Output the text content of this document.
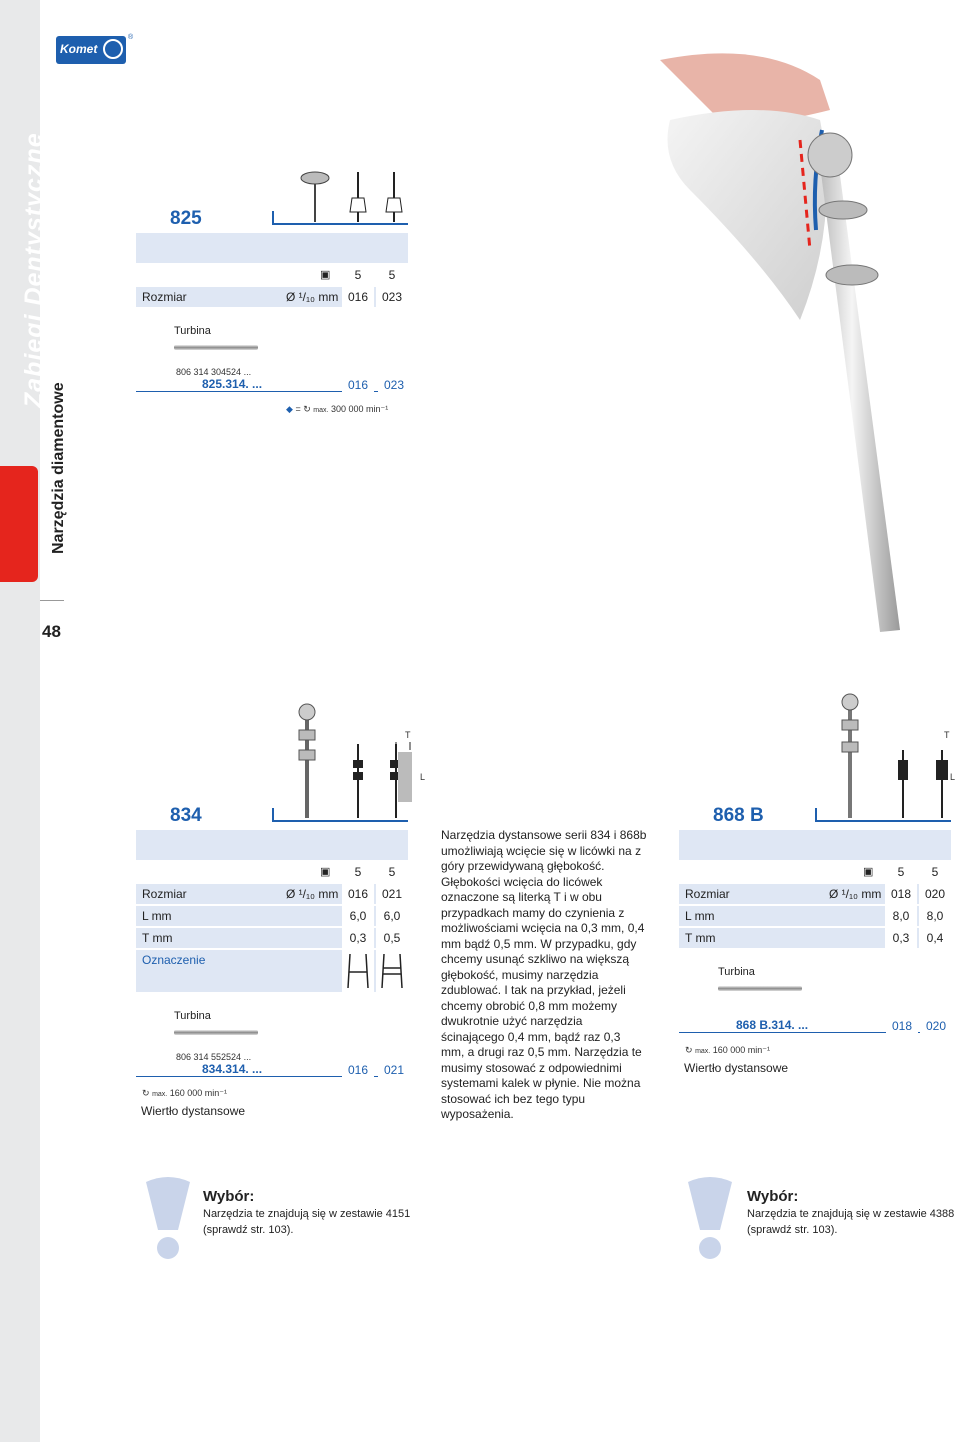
Zabiegi Dentystyczne
Narzędzia diamentowe
48
Komet
®
825
▣	5	5
Rozmiar	Ø ¹/₁₀ mm 016	023
Turbina
806 314 304524 ...
825.314. ...	016	023
◆ = ↻ max. 300 000 min⁻¹
834
T
L
▣	5	5
Rozmiar	Ø ¹/₁₀ mm 016	021
L mm	6,0	6,0
T mm	0,3	0,5
Oznaczenie
Turbina
806 314 552524 ...
834.314. ...	016	021
↻ max. 160 000 min⁻¹
Wiertło dystansowe
Narzędzia dystansowe serii 834 i 868b umożliwiają wcięcie się w licówki na z góry przewidywaną głębokość. Głębokości wcięcia do licówek oznaczone są literką T i w obu przypadkach mamy do czynienia z możliwościami wcięcia na 0,3 mm, 0,4 mm bądź 0,5 mm. W przypadku, gdy chcemy usunąć szkliwo na większą głębokość, musimy narzędzia zdublować. I tak na przykład, jeżeli chcemy obrobić 0,8 mm możemy dwukrotnie użyć narzędzia ścinającego 0,4 mm, bądź raz 0,3 mm, a drugi raz 0,5 mm. Narzędzia te musimy stosować z odpowiednimi systemami kalek w płynie. Nie można stosować ich bez tego typu wyposażenia.
868 B
T
L
▣	5	5
Rozmiar	Ø ¹/₁₀ mm 018	020
L mm	8,0	8,0
T mm	0,3	0,4
Turbina
868 B.314. ...	018	020
↻ max. 160 000 min⁻¹
Wiertło dystansowe
Wybór:
Narzędzia te znajdują się w zestawie 4151 (sprawdź str. 103).
Wybór:
Narzędzia te znajdują się w zestawie 4388 (sprawdź str. 103).
